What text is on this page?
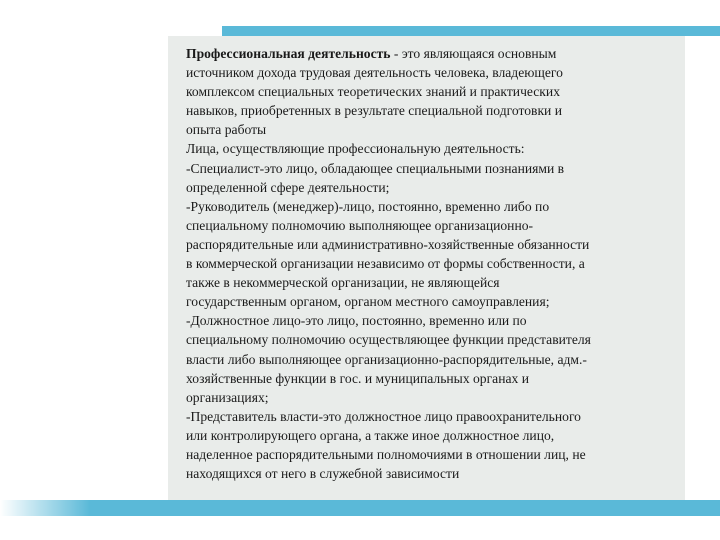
Профессиональная деятельность - это являющаяся основным

источником дохода трудовая деятельность человека, владеющего

комплексом специальных теоретических знаний и практических

навыков, приобретенных в результате специальной подготовки и

опыта работы

Лица, осуществляющие профессиональную деятельность:

-Специалист-это лицо, обладающее специальными познаниями в

определенной сфере деятельности;

-Руководитель (менеджер)-лицо, постоянно, временно либо по

специальному полномочию выполняющее организационно-

распорядительные или административно-хозяйственные обязанности

в коммерческой организации независимо от формы собственности, а

также в некоммерческой организации, не являющейся

государственным органом, органом местного самоуправления;

-Должностное лицо-это лицо, постоянно, временно или по

специальному полномочию осуществляющее функции представителя

власти либо выполняющее организационно-распорядительные, адм.-

хозяйственные функции в гос. и муниципальных органах и

организациях;

-Представитель власти-это должностное лицо правоохранительного

или контролирующего органа, а также иное должностное лицо,

наделенное распорядительными полномочиями в отношении лиц, не

находящихся от него в служебной зависимости
